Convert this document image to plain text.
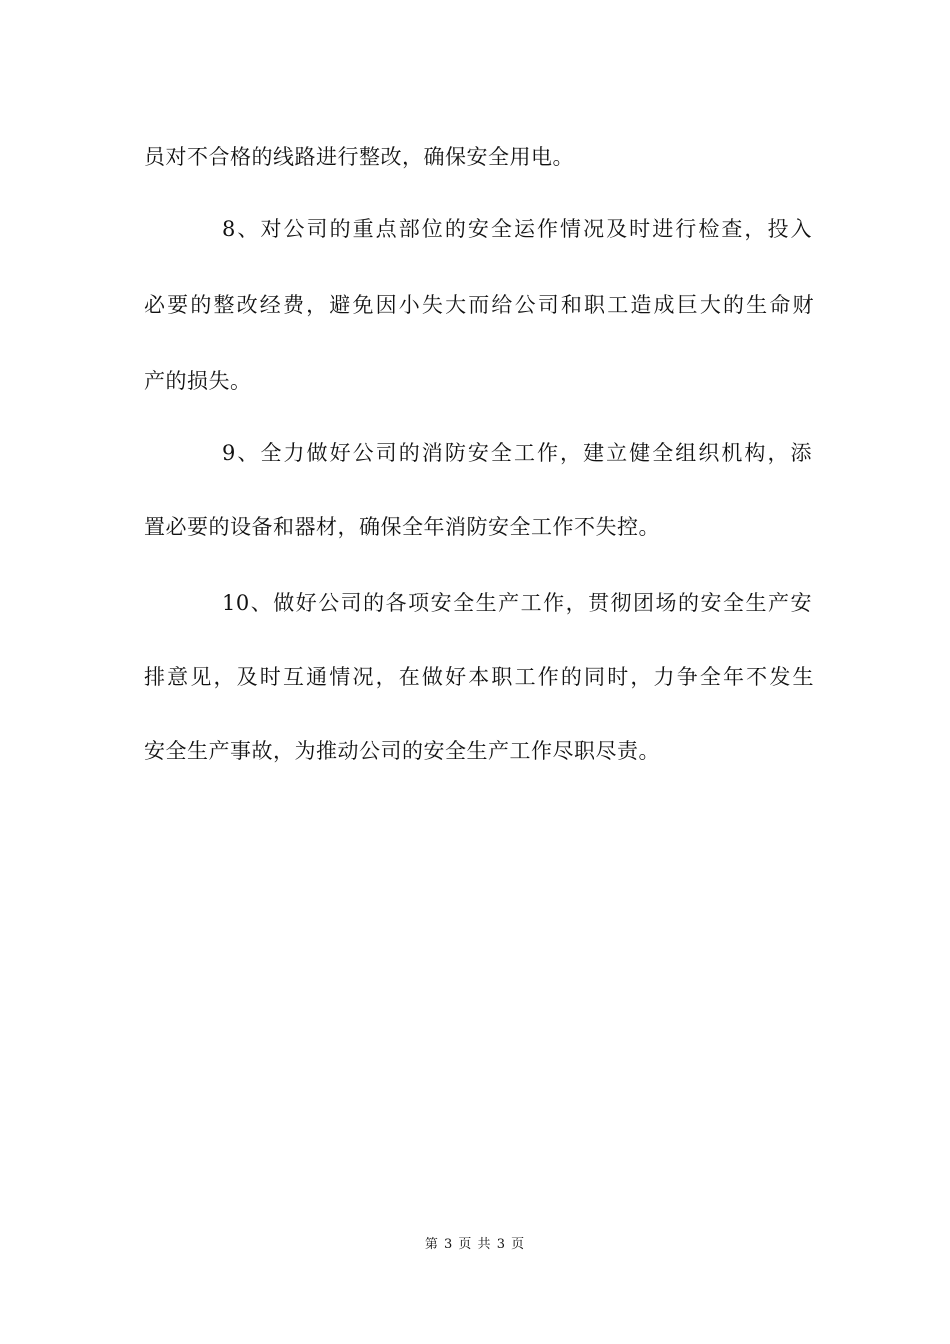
员对不合格的线路进行整改，确保安全用电。
8、对公司的重点部位的安全运作情况及时进行检查，投入
必要的整改经费，避免因小失大而给公司和职工造成巨大的生命财
产的损失。
9、全力做好公司的消防安全工作，建立健全组织机构，添
置必要的设备和器材，确保全年消防安全工作不失控。
10、做好公司的各项安全生产工作，贯彻团场的安全生产安
排意见，及时互通情况，在做好本职工作的同时，力争全年不发生
安全生产事故，为推动公司的安全生产工作尽职尽责。
第 3 页 共 3 页
